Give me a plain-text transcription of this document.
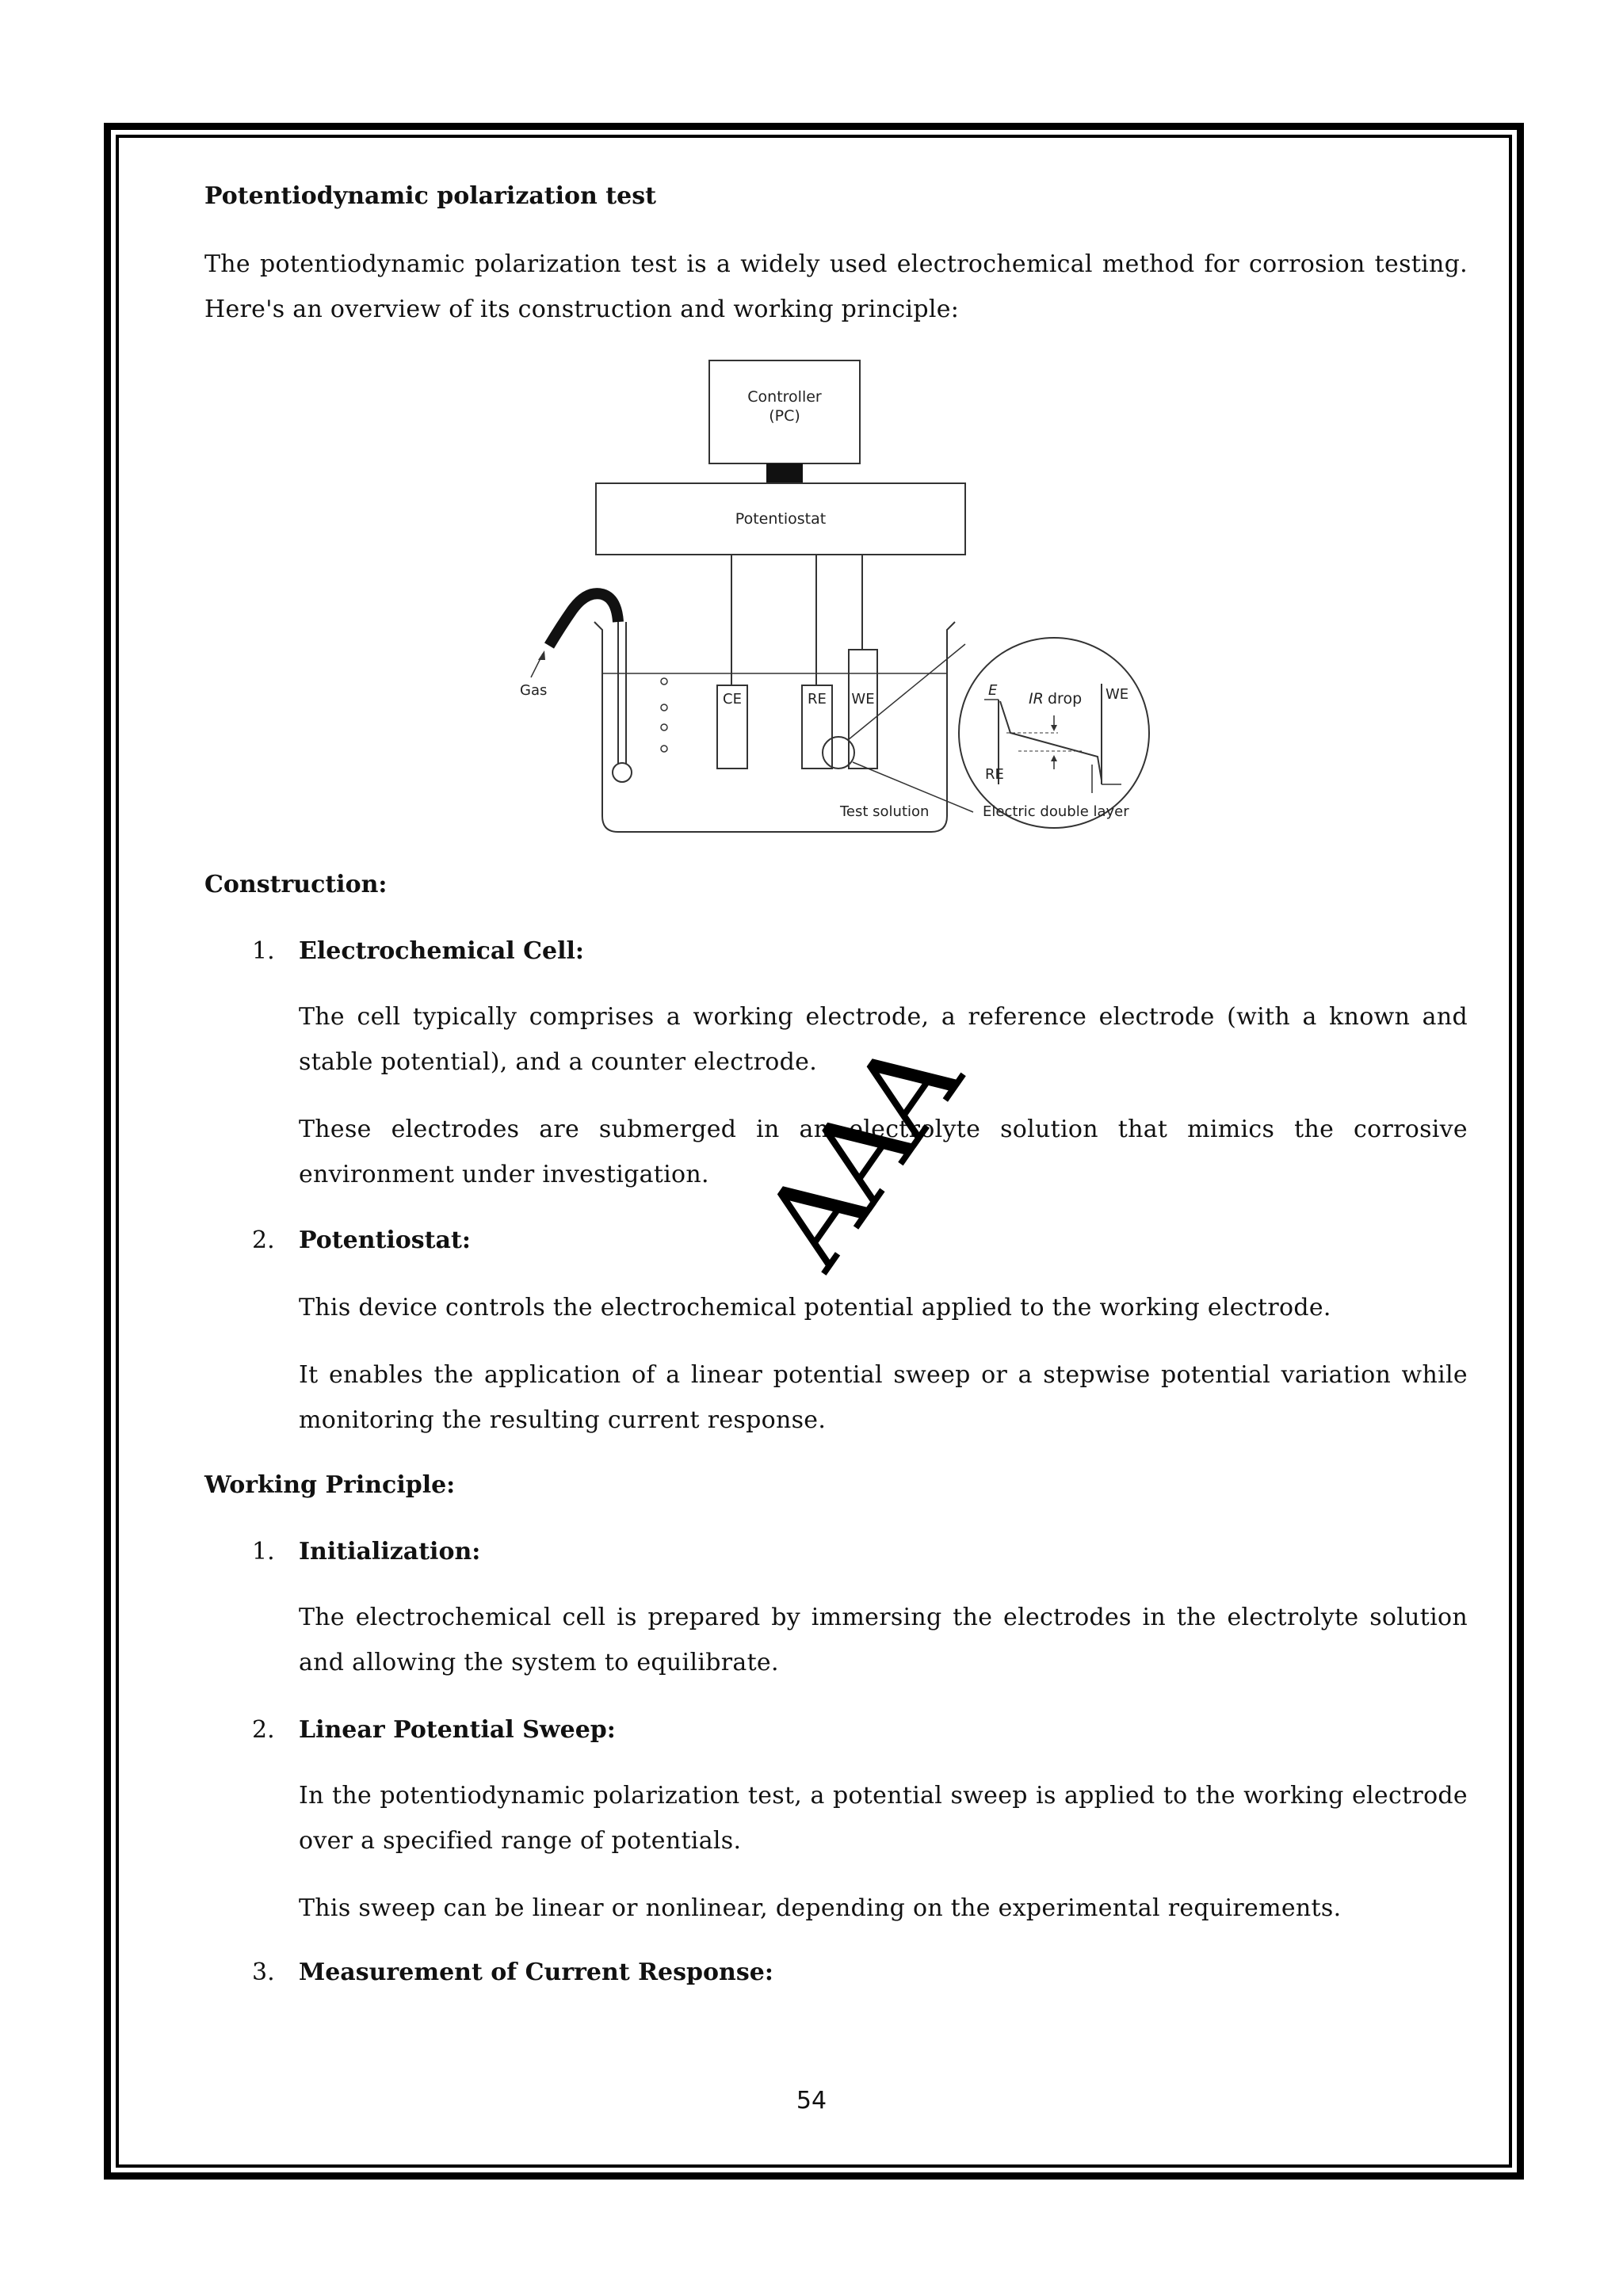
Potentiodynamic polarization test
The potentiodynamic polarization test is a widely used electrochemical method for corrosion testing. Here's an overview of its construction and working principle:
Controller
(PC)
Potentiostat
Gas
CE	RE WE
Test solution
E IR drop WE
RE
Electric double layer
Construction:
1. Electrochemical Cell:
The cell typically comprises a working electrode, a reference electrode (with a known and stable potential), and a counter electrode.
These electrodes are submerged in an electrolyte solution that mimics the corrosive environment under investigation.
2. Potentiostat:
This device controls the electrochemical potential applied to the working electrode.
It enables the application of a linear potential sweep or a stepwise potential variation while monitoring the resulting current response.
Working Principle:
1. Initialization:
The electrochemical cell is prepared by immersing the electrodes in the electrolyte solution and allowing the system to equilibrate.
2. Linear Potential Sweep:
In the potentiodynamic polarization test, a potential sweep is applied to the working electrode over a specified range of potentials.
This sweep can be linear or nonlinear, depending on the experimental requirements.
3. Measurement of Current Response:
AAA
54
